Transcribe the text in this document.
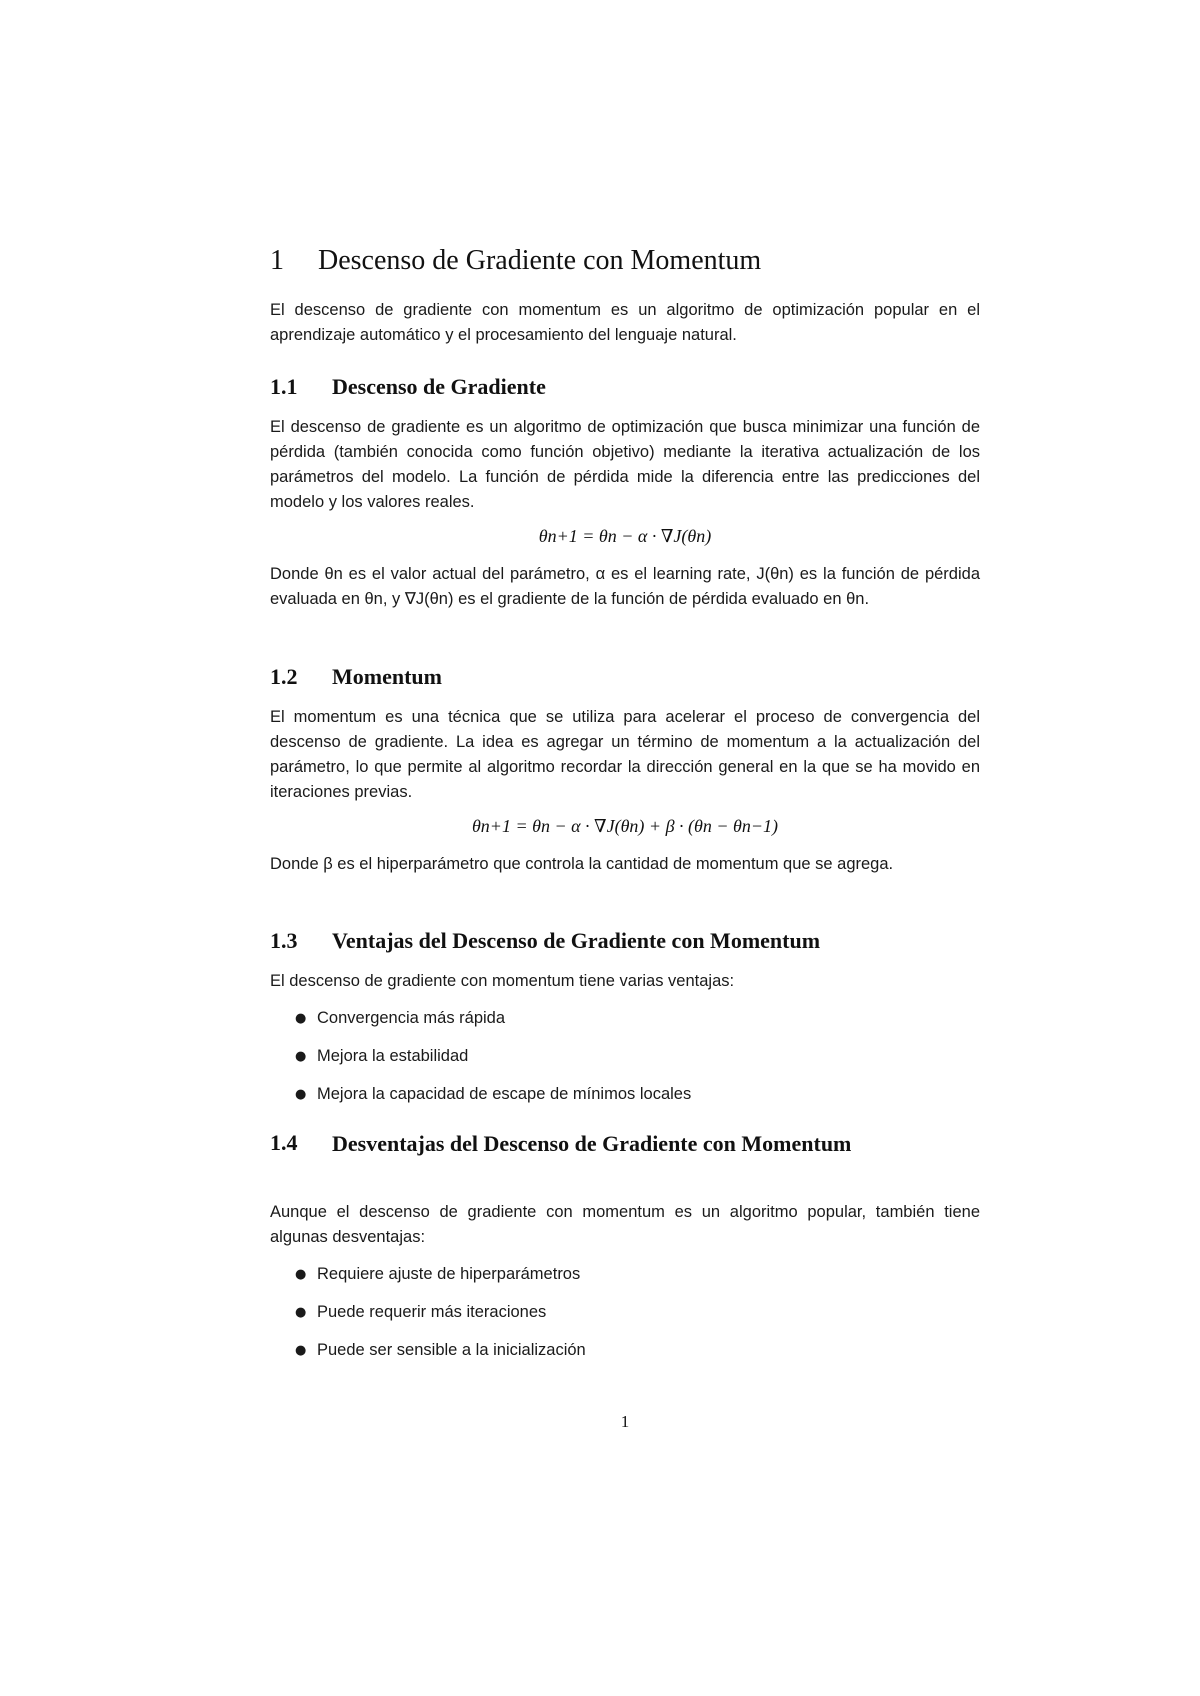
1 Descenso de Gradiente con Momentum

El descenso de gradiente con momentum es un algoritmo de optimización popular en el aprendizaje automático y el procesamiento del lenguaje natural.

1.1 Descenso de Gradiente

El descenso de gradiente es un algoritmo de optimización que busca minimizar una función de pérdida (también conocida como función objetivo) mediante la iterativa actualización de los parámetros del modelo. La función de pérdida mide la diferencia entre las predicciones del modelo y los valores reales.

θn+1 = θn − α · ∇J(θn)

Donde θn es el valor actual del parámetro, α es el learning rate, J(θn) es la función de pérdida evaluada en θn, y ∇J(θn) es el gradiente de la función de pérdida evaluado en θn.

1.2 Momentum

El momentum es una técnica que se utiliza para acelerar el proceso de convergencia del descenso de gradiente. La idea es agregar un término de momentum a la actualización del parámetro, lo que permite al algoritmo recordar la dirección general en la que se ha movido en iteraciones previas.

θn+1 = θn − α · ∇J(θn) + β · (θn − θn−1)

Donde β es el hiperparámetro que controla la cantidad de momentum que se agrega.

1.3 Ventajas del Descenso de Gradiente con Momentum

El descenso de gradiente con momentum tiene varias ventajas:

● Convergencia más rápida
● Mejora la estabilidad
● Mejora la capacidad de escape de mínimos locales
1.4 Desventajas del Descenso de Gradiente con Momentum

Aunque el descenso de gradiente con momentum es un algoritmo popular, también tiene algunas desventajas:

● Requiere ajuste de hiperparámetros
● Puede requerir más iteraciones
● Puede ser sensible a la inicialización
1
